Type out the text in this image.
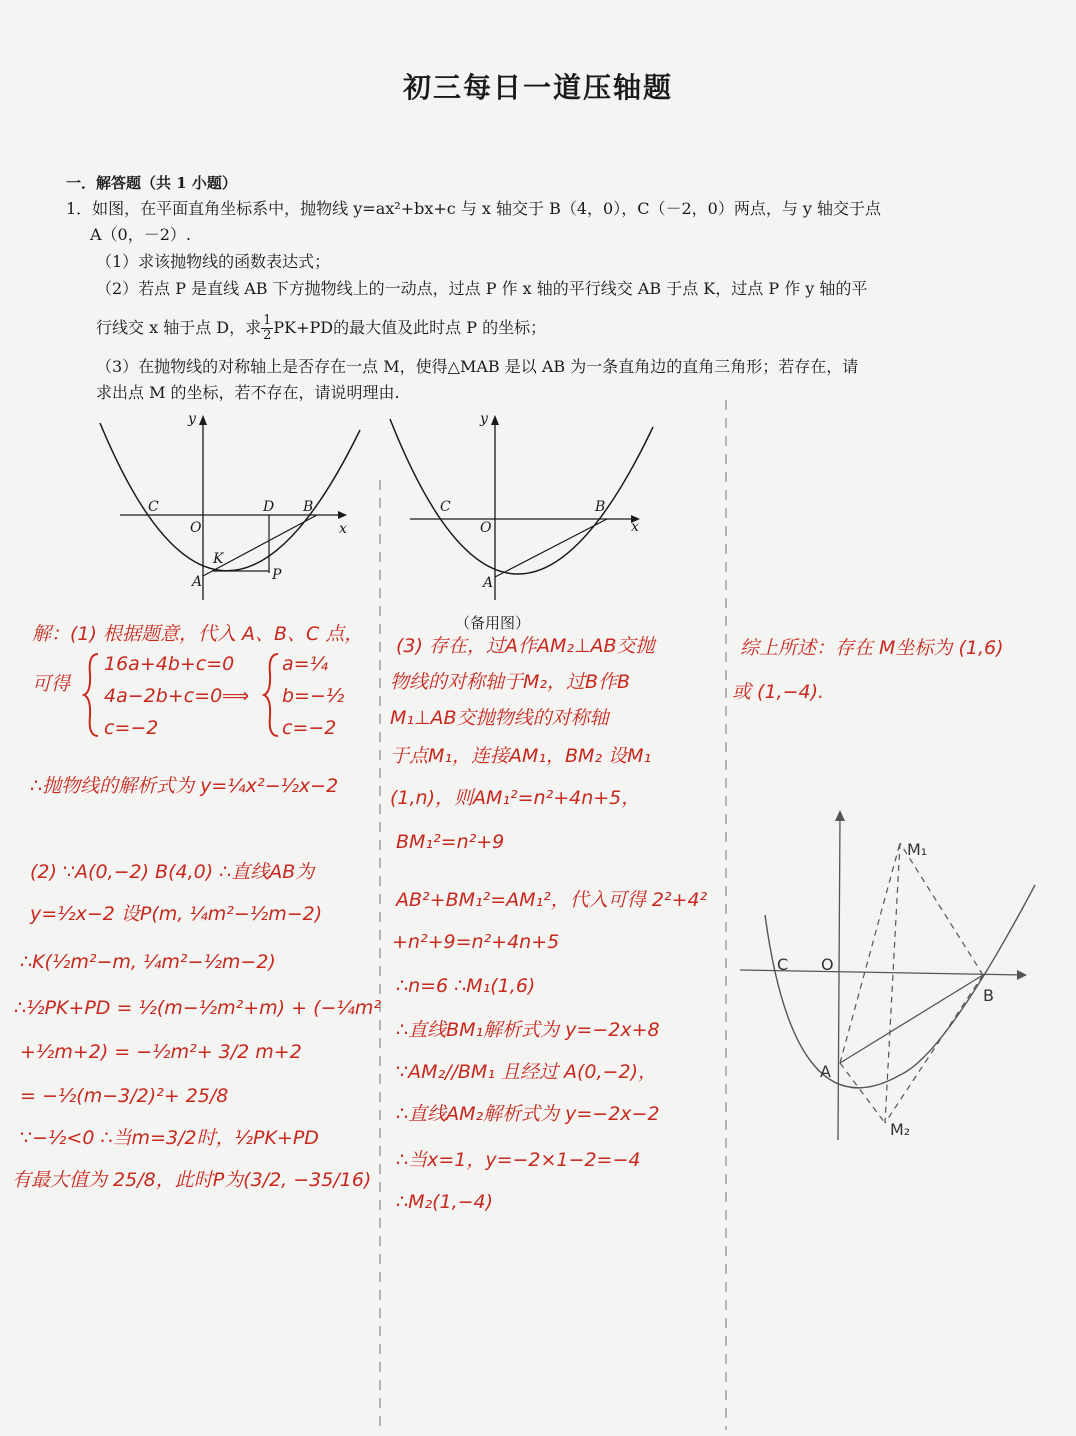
初三每日一道压轴题
一．解答题（共 1 小题）
1．如图，在平面直角坐标系中，抛物线 y=ax²+bx+c 与 x 轴交于 B（4，0），C（－2，0）两点，与 y 轴交于点
A（0，－2）.
（1）求该抛物线的函数表达式；
（2）若点 P 是直线 AB 下方抛物线上的一动点，过点 P 作 x 轴的平行线交 AB 于点 K，过点 P 作 y 轴的平
行线交 x 轴于点 D，求 $\frac{1}{2} PK+PD$的最大值及此时点 P 的坐标；
（3）在抛物线的对称轴上是否存在一点 M，使得△MAB 是以 AB 为一条直角边的直角三角形；若存在，请
求出点 M 的坐标，若不存在，请说明理由.
y
x
O
C	B
D
K
P
A
y
x
O
C	B
A
（备用图）
解：(1) 根据题意，代入 A、B、C 点，
可得
16a+4b+c=0
4a−2b+c=0
c=−2
⟹
a=¼
b=−½
c=−2
∴抛物线的解析式为 y=¼x²−½x−2
(2) ∵A(0,−2) B(4,0) ∴直线AB为
y=½x−2 设P(m, ¼m²−½m−2)
∴K(½m²−m, ¼m²−½m−2)
∴½PK+PD = ½(m−½m²+m) + (−¼m²
+½m+2) = −½m²+ 3/2 m+2
= −½(m−3/2)²+ 25/8
∵−½<0 ∴当m=3/2时，½PK+PD
有最大值为 25/8，此时P为(3/2, −35/16)
(3) 存在，过A作AM₂⊥AB交抛
物线的对称轴于M₂，过B作B
M₁⊥AB交抛物线的对称轴
于点M₁，连接AM₁，BM₂ 设M₁
(1,n)，则AM₁²=n²+4n+5，
BM₁²=n²+9
AB²+BM₁²=AM₁²，代入可得 2²+4²
+n²+9=n²+4n+5
∴n=6 ∴M₁(1,6)
∴直线BM₁解析式为 y=−2x+8
∵AM₂//BM₁ 且经过 A(0,−2)，
∴直线AM₂解析式为 y=−2x−2
∴当x=1，y=−2×1−2=−4
∴M₂(1,−4)
综上所述：存在 M坐标为 (1,6)
或 (1,−4).
M₁
M₂
A
B
C O
